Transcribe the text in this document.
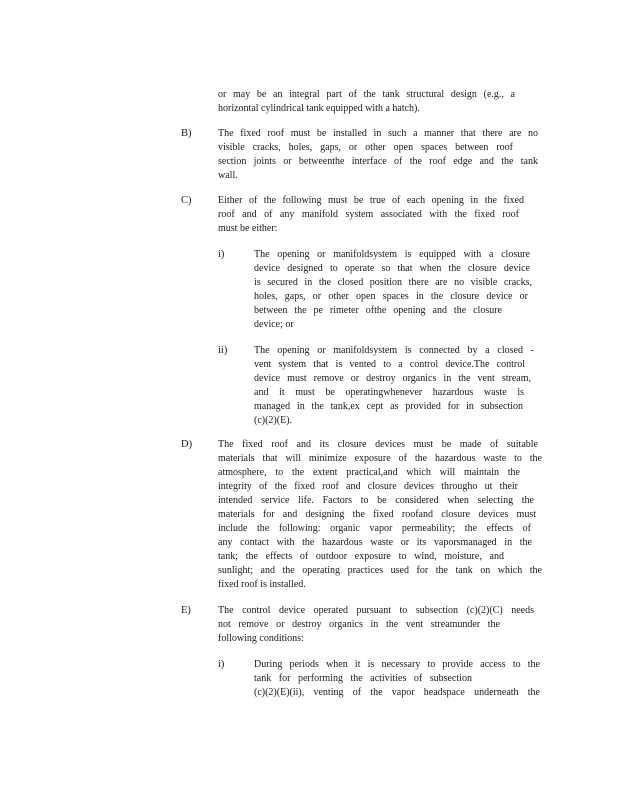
or may be an integral part of the tank structural design (e.g., a
horizontal cylindrical tank equipped with a hatch).
B)	The fixed roof must be installed in such a manner that there are no
visible cracks, holes, gaps, or other open spaces between roof
section joints or betweenthe interface of the roof edge and the tank
wall.
C)	Either of the following must be true of each opening in the fixed
roof and of any manifold system associated with the fixed roof
must be either:
i)	The opening or manifoldsystem is equipped with a closure
device designed to operate so that when the closure device
is secured in the closed position there are no visible cracks,
holes, gaps, or other open spaces in the closure device or
between the pe rimeter ofthe opening and the closure
device; or
ii)	The opening or manifoldsystem is connected by a closed -
vent system that is vented to a control device.The control
device must remove or destroy organics in the vent stream,
and it must be operatingwhenever hazardous waste is
managed in the tank,ex cept as provided for in subsection
(c)(2)(E).
D)	The fixed roof and its closure devices must be made of suitable
materials that will minimize exposure of the hazardous waste to the
atmosphere, to the extent practical,and which will maintain the
integrity of the fixed roof and closure devices througho ut their
intended service life. Factors to be considered when selecting the
materials for and designing the fixed roofand closure devices must
include the following: organic vapor permeability; the effects of
any contact with the hazardous waste or its vaporsmanaged in the
tank; the effects of outdoor exposure to wind, moisture, and
sunlight; and the operating practices used for the tank on which the
fixed roof is installed.
E)	The control device operated pursuant to subsection (c)(2)(C) needs
not remove or destroy organics in the vent streamunder the
following conditions:
i)	During periods when it is necessary to provide access to the
tank for performing the activities of subsection
(c)(2)(E)(ii), venting of the vapor headspace underneath the
